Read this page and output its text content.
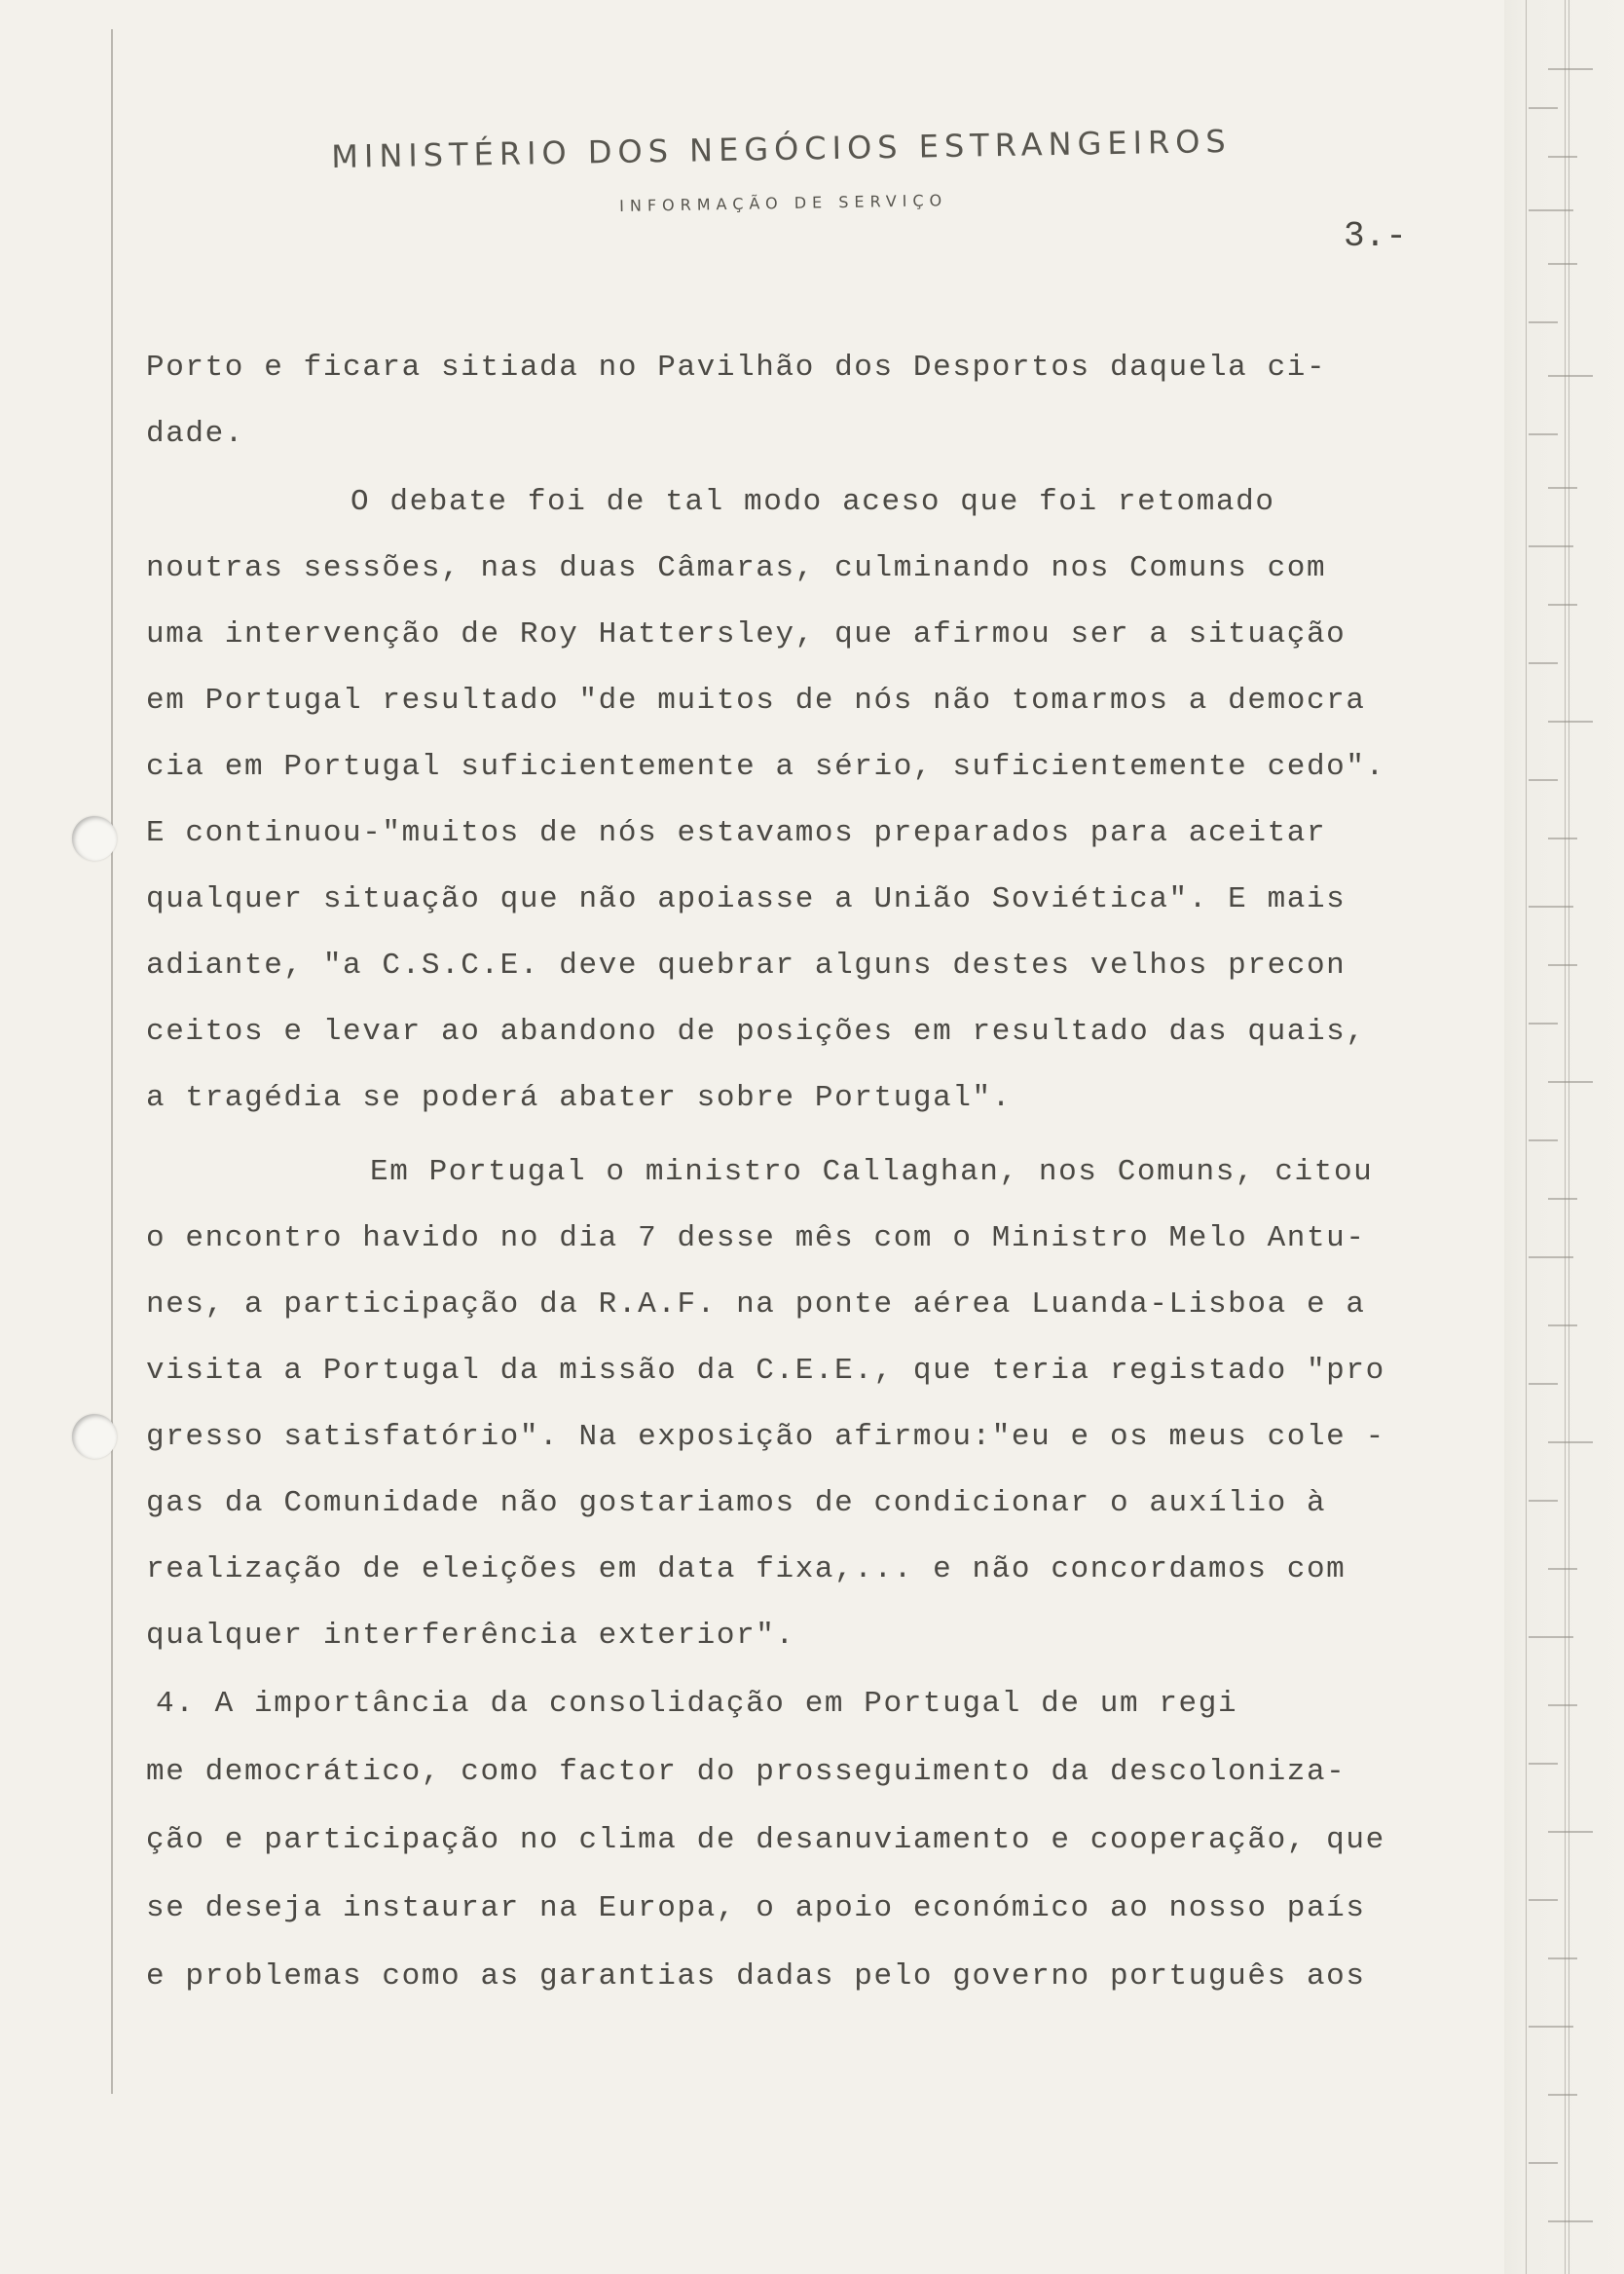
MINISTÉRIO DOS NEGÓCIOS ESTRANGEIROS
INFORMAÇÃO DE SERVIÇO
3.-
Porto e ficara sitiada no Pavilhão dos Desportos daquela ci-
dade.
O debate foi de tal modo aceso que foi retomado
noutras sessões, nas duas Câmaras, culminando nos Comuns com
uma intervenção de Roy Hattersley, que afirmou ser a situação
em Portugal resultado "de muitos de nós não tomarmos a democra
cia em Portugal suficientemente a sério, suficientemente cedo".
E continuou-"muitos de nós estavamos preparados para aceitar
qualquer situação que não apoiasse a União Soviética". E mais
adiante, "a C.S.C.E. deve quebrar alguns destes velhos precon
ceitos e levar ao abandono de posições em resultado das quais,
a tragédia se poderá abater sobre Portugal".
Em Portugal o ministro Callaghan, nos Comuns, citou
o encontro havido no dia 7 desse mês com o Ministro Melo Antu-
nes, a participação da R.A.F. na ponte aérea Luanda-Lisboa e a
visita a Portugal da missão da C.E.E., que teria registado "pro
gresso satisfatório". Na exposição afirmou:"eu e os meus cole -
gas da Comunidade não gostariamos de condicionar o auxílio à
realização de eleições em data fixa,... e não concordamos com
qualquer interferência exterior".
4. A importância da consolidação em Portugal de um regi
me democrático, como factor do prosseguimento da descoloniza-
ção e participação no clima de desanuviamento e cooperação, que
se deseja instaurar na Europa, o apoio económico ao nosso país
e problemas como as garantias dadas pelo governo português aos
